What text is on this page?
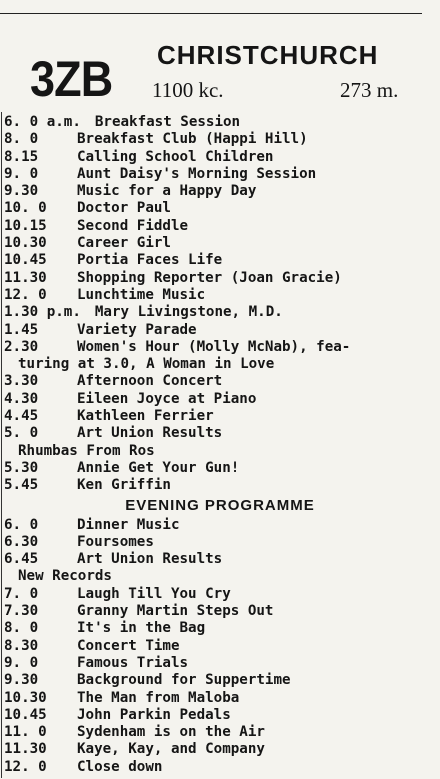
3ZB CHRISTCHURCH
1100 kc.	273 m.
6. 0 a.m. Breakfast Session
8. 0	Breakfast Club (Happi Hill)
8.15	Calling School Children
9. 0	Aunt Daisy's Morning Session
9.30	Music for a Happy Day
10. 0	Doctor Paul
10.15	Second Fiddle
10.30	Career Girl
10.45	Portia Faces Life
11.30	Shopping Reporter (Joan Gracie)
12. 0	Lunchtime Music
1.30 p.m. Mary Livingstone, M.D.
1.45	Variety Parade
2.30	Women's Hour (Molly McNab), fea-
turing at 3.0, A Woman in Love
3.30	Afternoon Concert
4.30	Eileen Joyce at Piano
4.45	Kathleen Ferrier
5. 0	Art Union Results
Rhumbas From Ros
5.30	Annie Get Your Gun!
5.45	Ken Griffin
EVENING PROGRAMME
6. 0	Dinner Music
6.30	Foursomes
6.45	Art Union Results
New Records
7. 0	Laugh Till You Cry
7.30	Granny Martin Steps Out
8. 0	It's in the Bag
8.30	Concert Time
9. 0	Famous Trials
9.30	Background for Suppertime
10.30	The Man from Maloba
10.45	John Parkin Pedals
11. 0	Sydenham is on the Air
11.30	Kaye, Kay, and Company
12. 0	Close down
